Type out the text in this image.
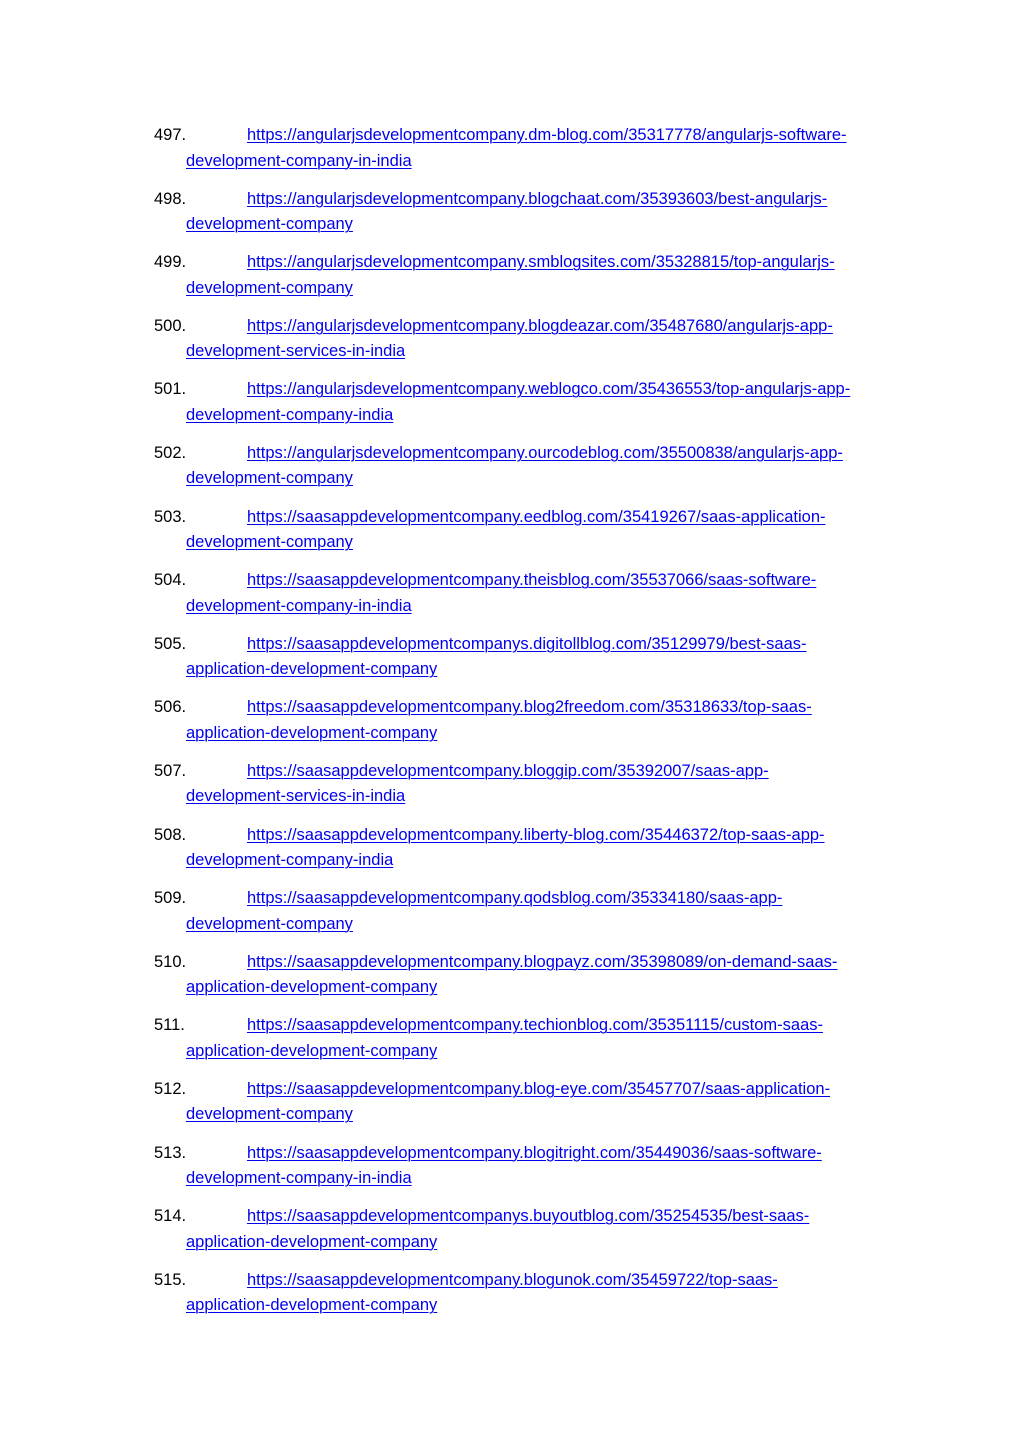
497.	https://angularjsdevelopmentcompany.dm-blog.com/35317778/angularjs-software-
development-company-in-india
498.	https://angularjsdevelopmentcompany.blogchaat.com/35393603/best-angularjs-
development-company
499.	https://angularjsdevelopmentcompany.smblogsites.com/35328815/top-angularjs-
development-company
500.	https://angularjsdevelopmentcompany.blogdeazar.com/35487680/angularjs-app-
development-services-in-india
501.	https://angularjsdevelopmentcompany.weblogco.com/35436553/top-angularjs-app-
development-company-india
502.	https://angularjsdevelopmentcompany.ourcodeblog.com/35500838/angularjs-app-
development-company
503.	https://saasappdevelopmentcompany.eedblog.com/35419267/saas-application-
development-company
504.	https://saasappdevelopmentcompany.theisblog.com/35537066/saas-software-
development-company-in-india
505.	https://saasappdevelopmentcompanys.digitollblog.com/35129979/best-saas-
application-development-company
506.	https://saasappdevelopmentcompany.blog2freedom.com/35318633/top-saas-
application-development-company
507.	https://saasappdevelopmentcompany.bloggip.com/35392007/saas-app-
development-services-in-india
508.	https://saasappdevelopmentcompany.liberty-blog.com/35446372/top-saas-app-
development-company-india
509.	https://saasappdevelopmentcompany.qodsblog.com/35334180/saas-app-
development-company
510.	https://saasappdevelopmentcompany.blogpayz.com/35398089/on-demand-saas-
application-development-company
511.	https://saasappdevelopmentcompany.techionblog.com/35351115/custom-saas-
application-development-company
512.	https://saasappdevelopmentcompany.blog-eye.com/35457707/saas-application-
development-company
513.	https://saasappdevelopmentcompany.blogitright.com/35449036/saas-software-
development-company-in-india
514.	https://saasappdevelopmentcompanys.buyoutblog.com/35254535/best-saas-
application-development-company
515.	https://saasappdevelopmentcompany.blogunok.com/35459722/top-saas-
application-development-company
